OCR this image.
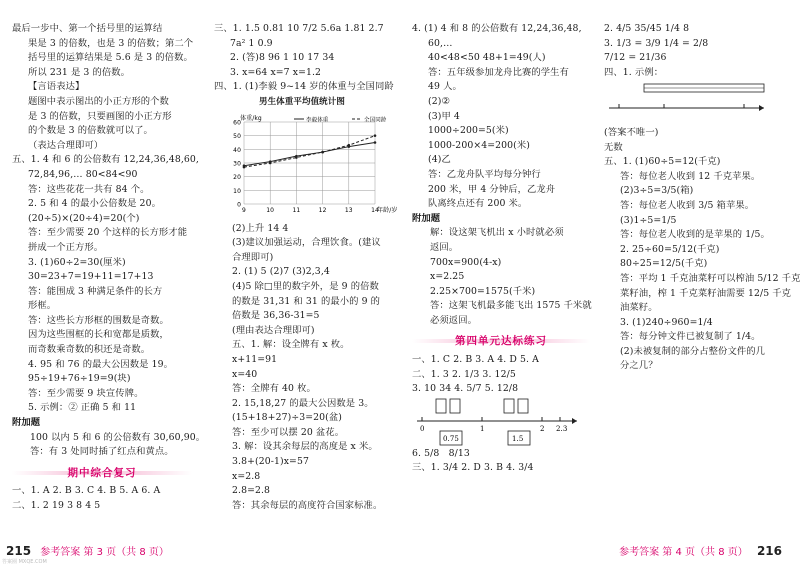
最后一步中、第一个括号里的运算结
果是 3 的倍数，也是 3 的倍数；第二个
括号里的运算结果是 5.6 是 3 的倍数。
所以 231 是 3 的倍数。
【言语表达】
题图中表示图出的小正方形的个数
是 3 的倍数，只要画图的小正方形
的个数是 3 的倍数就可以了。
（表达合理即可）
五、1. 4 和 6 的公倍数有 12,24,36,48,60,
72,84,96,… 80<84<90
答：这些花花一共有 84 个。
2. 5 和 4 的最小公倍数是 20。
(20÷5)×(20÷4)=20(个)
答：至少需要 20 个这样的长方形才能
拼成一个正方形。
3. (1)60÷2=30(厘米)
30=23+7=19+11=17+13
答：能围成 3 种满足条件的长方
形框。
答：这些长方形框的围数是奇数。
因为这些围框的长和宽都是质数，
而奇数乘奇数的积还是奇数。
4. 95 和 76 的最大公因数是 19。
95÷19+76÷19=9(块)
答：至少需要 9 块宣传牌。
5. 示例：② 正确 5 和 11
附加题
100 以内 5 和 6 的公倍数有 30,60,90。
答：有 3 处同时插了红点和黄点。
期中综合复习
一、1. A 2. B 3. C 4. B 5. A 6. A
二、1. 2 19 3 8 4 5
三、1. 1.5 0.81 10 7/2 5.6a 1.81 2.7
7a² 1 0.9
2. (答)8 96 1 10 17 34
3. x=64 x=7 x=1.2
四、1. (1)李毅 9~14 岁的体重与全国同龄
男生体重平均值统计图
0
10
20
30
40
50
60
9	10	11	12	13	14
体重/kg
年龄/岁
李毅体重	全国同龄
(2)上升 14 4
(3)建议加强运动，合理饮食。(建议
合理即可)
2. (1) 5 (2)7 (3)2,3,4
(4)5 除□里的数字外，是 9 的倍数
的数是 31,31 和 31 的最小的 9 的
倍数是 36,36-31=5
(理由表达合理即可)
五、1. 解：设全牌有 x 枚。
x+11=91
x=40
答：全牌有 40 枚。
2. 15,18,27 的最大公因数是 3。
(15+18+27)÷3=20(盆)
答：至少可以摆 20 盆花。
3. 解：设其余每层的高度是 x 米。
3.8+(20-1)x=57
x=2.8
2.8=2.8
答：其余每层的高度符合国家标准。
4. (1) 4 和 8 的公倍数有 12,24,36,48,
60,…
40<48<50 48+1=49(人)
答：五年级参加龙舟比赛的学生有
49 人。
(2)②
(3)甲 4
1000÷200=5(米)
1000-200×4=200(米)
(4)乙
答：乙龙舟队平均每分钟行
200 米，甲 4 分钟后，乙龙舟
队离终点还有 200 米。
附加题
解：设这架飞机出 x 小时就必须
返回。
700x=900(4-x)
x=2.25
2.25×700=1575(千米)
答：这架飞机最多能飞出 1575 千米就
必须返回。
第四单元达标练习
一、1. C 2. B 3. A 4. D 5. A
二、1. 3 2. 1/3 3. 12/5
3. 10 34 4. 5/7 5. 12/8
0	1	2 2.3
0.75	1.5
6. 5/8 8/13
三、1. 3/4 2. D 3. B 4. 3/4
2. 4/5 35/45 1/4 8
3. 1/3 = 3/9 1/4 = 2/8
7/12 = 21/36
四、1. 示例：
(答案不唯一)
无数
五、1. (1)60÷5=12(千克)
答：每位老人收到 12 千克苹果。
(2)3÷5=3/5(箱)
答：每位老人收到 3/5 箱苹果。
(3)1÷5=1/5
答：每位老人收到的是苹果的 1/5。
2. 25÷60=5/12(千克)
80÷25=12/5(千克)
答：平均 1 千克油菜籽可以榨油 5/12 千克
菜籽油，榨 1 千克菜籽油需要 12/5 千克
油菜籽。
3. (1)240÷960=1/4
答：每分钟文件已被复制了 1/4。
(2)未被复制的部分占整份文件的几
分之几？
215 参考答案 第 3 页（共 8 页）	参考答案 第 4 页（共 8 页） 216
答案圈 MXQE.COM
